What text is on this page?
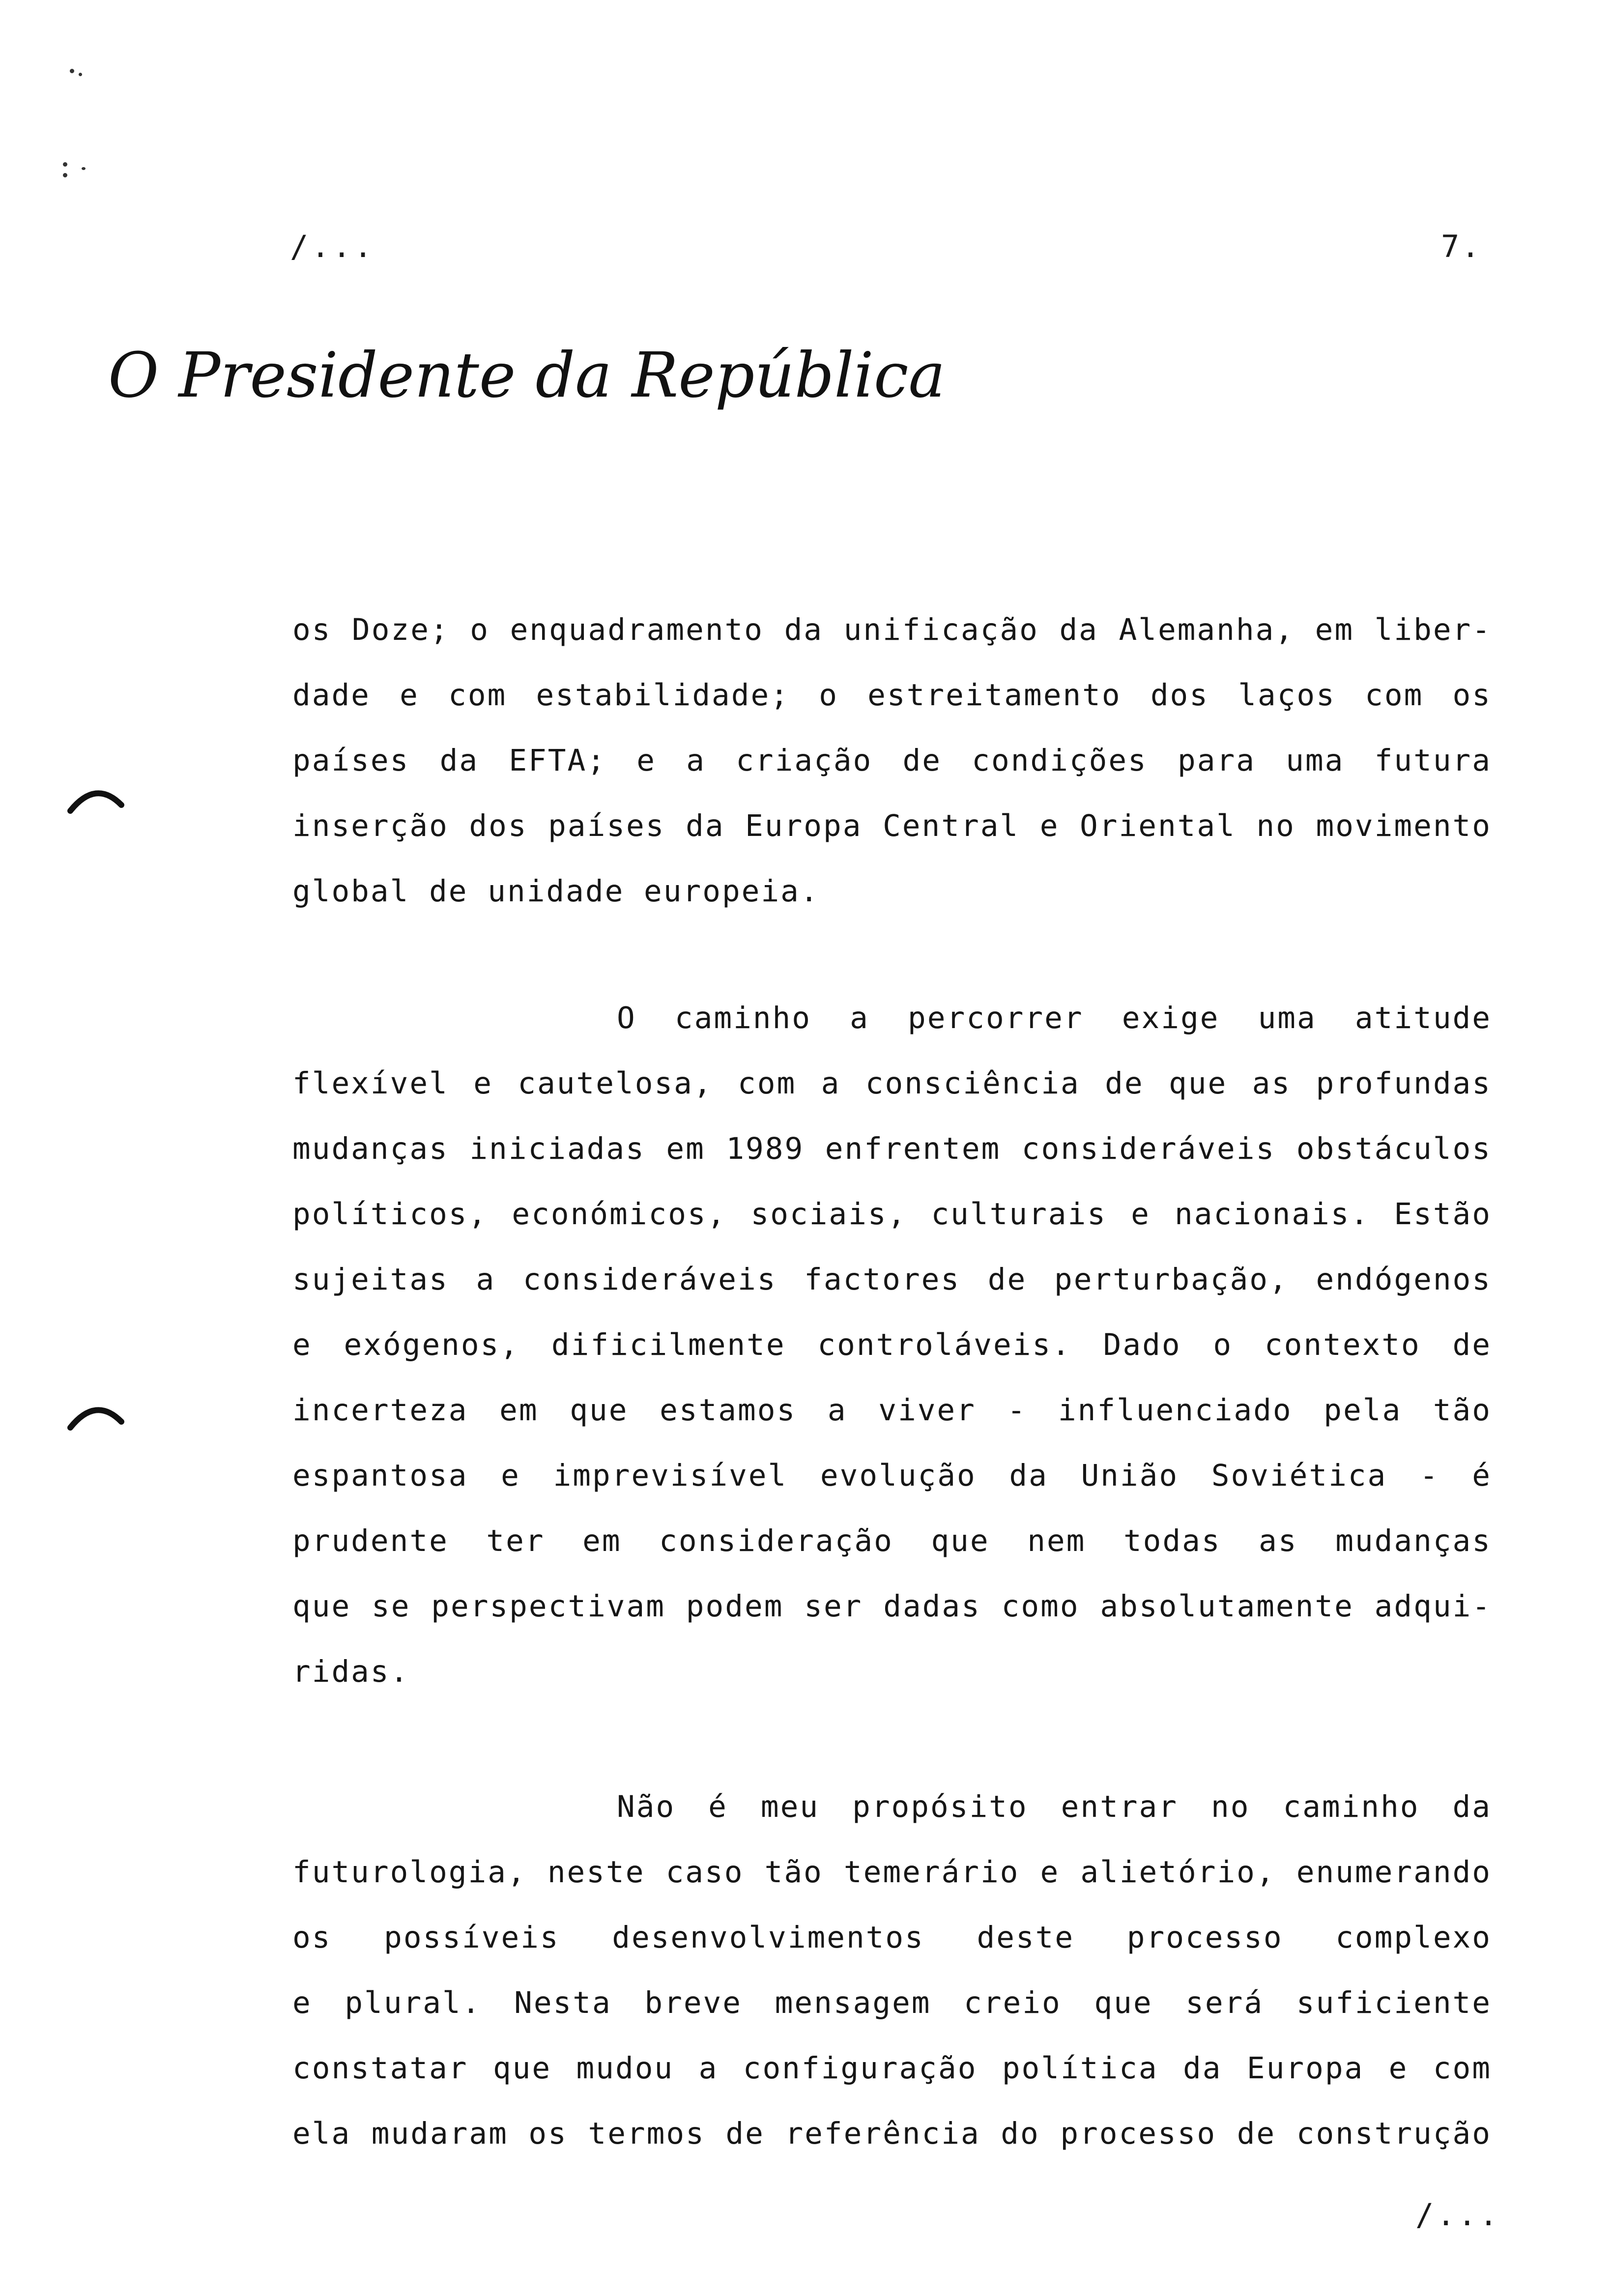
/...	7.
O Presidente da República
os Doze; o enquadramento da unificação da Alemanha, em liber-
dade e com estabilidade; o estreitamento dos laços com os
países da EFTA; e a criação de condições para uma futura
inserção dos países da Europa Central e Oriental no movimento
global de unidade europeia.
O caminho a percorrer exige uma atitude
flexível e cautelosa, com a consciência de que as profundas
mudanças iniciadas em 1989 enfrentem consideráveis obstáculos
políticos, económicos, sociais, culturais e nacionais. Estão
sujeitas a consideráveis factores de perturbação, endógenos
e exógenos, dificilmente controláveis. Dado o contexto de
incerteza em que estamos a viver - influenciado pela tão
espantosa e imprevisível evolução da União Soviética - é
prudente ter em consideração que nem todas as mudanças
que se perspectivam podem ser dadas como absolutamente adqui-
ridas.
Não é meu propósito entrar no caminho da
futurologia, neste caso tão temerário e alietório, enumerando
os possíveis desenvolvimentos deste processo complexo
e plural. Nesta breve mensagem creio que será suficiente
constatar que mudou a configuração política da Europa e com
ela mudaram os termos de referência do processo de construção
/...
